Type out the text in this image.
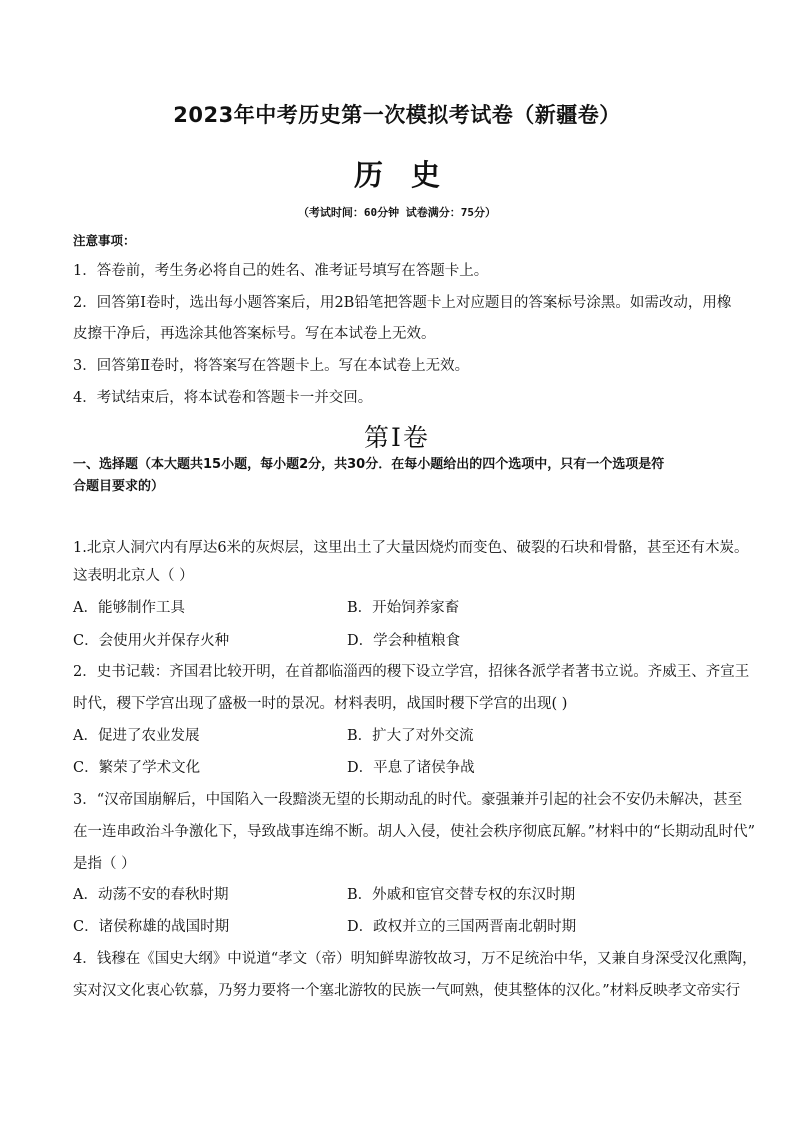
2023年中考历史第一次模拟考试卷（新疆卷）
历史
（考试时间：60分钟 试卷满分：75分）
注意事项：
1．答卷前，考生务必将自己的姓名、准考证号填写在答题卡上。
2．回答第Ⅰ卷时，选出每小题答案后，用2B铅笔把答题卡上对应题目的答案标号涂黑。如需改动，用橡
皮擦干净后，再选涂其他答案标号。写在本试卷上无效。
3．回答第Ⅱ卷时，将答案写在答题卡上。写在本试卷上无效。
4．考试结束后，将本试卷和答题卡一并交回。
第Ⅰ卷
一、选择题（本大题共15小题，每小题2分，共30分．在每小题给出的四个选项中，只有一个选项是符
合题目要求的）
1.北京人洞穴内有厚达6米的灰烬层，这里出土了大量因烧灼而变色、破裂的石块和骨骼，甚至还有木炭。
这表明北京人（ ）
A．能够制作工具	B．开始饲养家畜
C．会使用火并保存火种	D．学会种植粮食
2．史书记载：齐国君比较开明，在首都临淄西的稷下设立学宫，招徕各派学者著书立说。齐威王、齐宣王
时代，稷下学宫出现了盛极一时的景况。材料表明，战国时稷下学宫的出现( )
A．促进了农业发展	B．扩大了对外交流
C．繁荣了学术文化	D．平息了诸侯争战
3．“汉帝国崩解后，中国陷入一段黯淡无望的长期动乱的时代。豪强兼并引起的社会不安仍未解决，甚至
在一连串政治斗争激化下，导致战事连绵不断。胡人入侵，使社会秩序彻底瓦解。”材料中的“长期动乱时代”
是指（ ）
A．动荡不安的春秋时期	B．外戚和宦官交替专权的东汉时期
C．诸侯称雄的战国时期	D．政权并立的三国两晋南北朝时期
4．钱穆在《国史大纲》中说道“孝文（帝）明知鲜卑游牧故习，万不足统治中华，又兼自身深受汉化熏陶，
实对汉文化衷心钦慕，乃努力要将一个塞北游牧的民族一气呵熟，使其整体的汉化。”材料反映孝文帝实行
